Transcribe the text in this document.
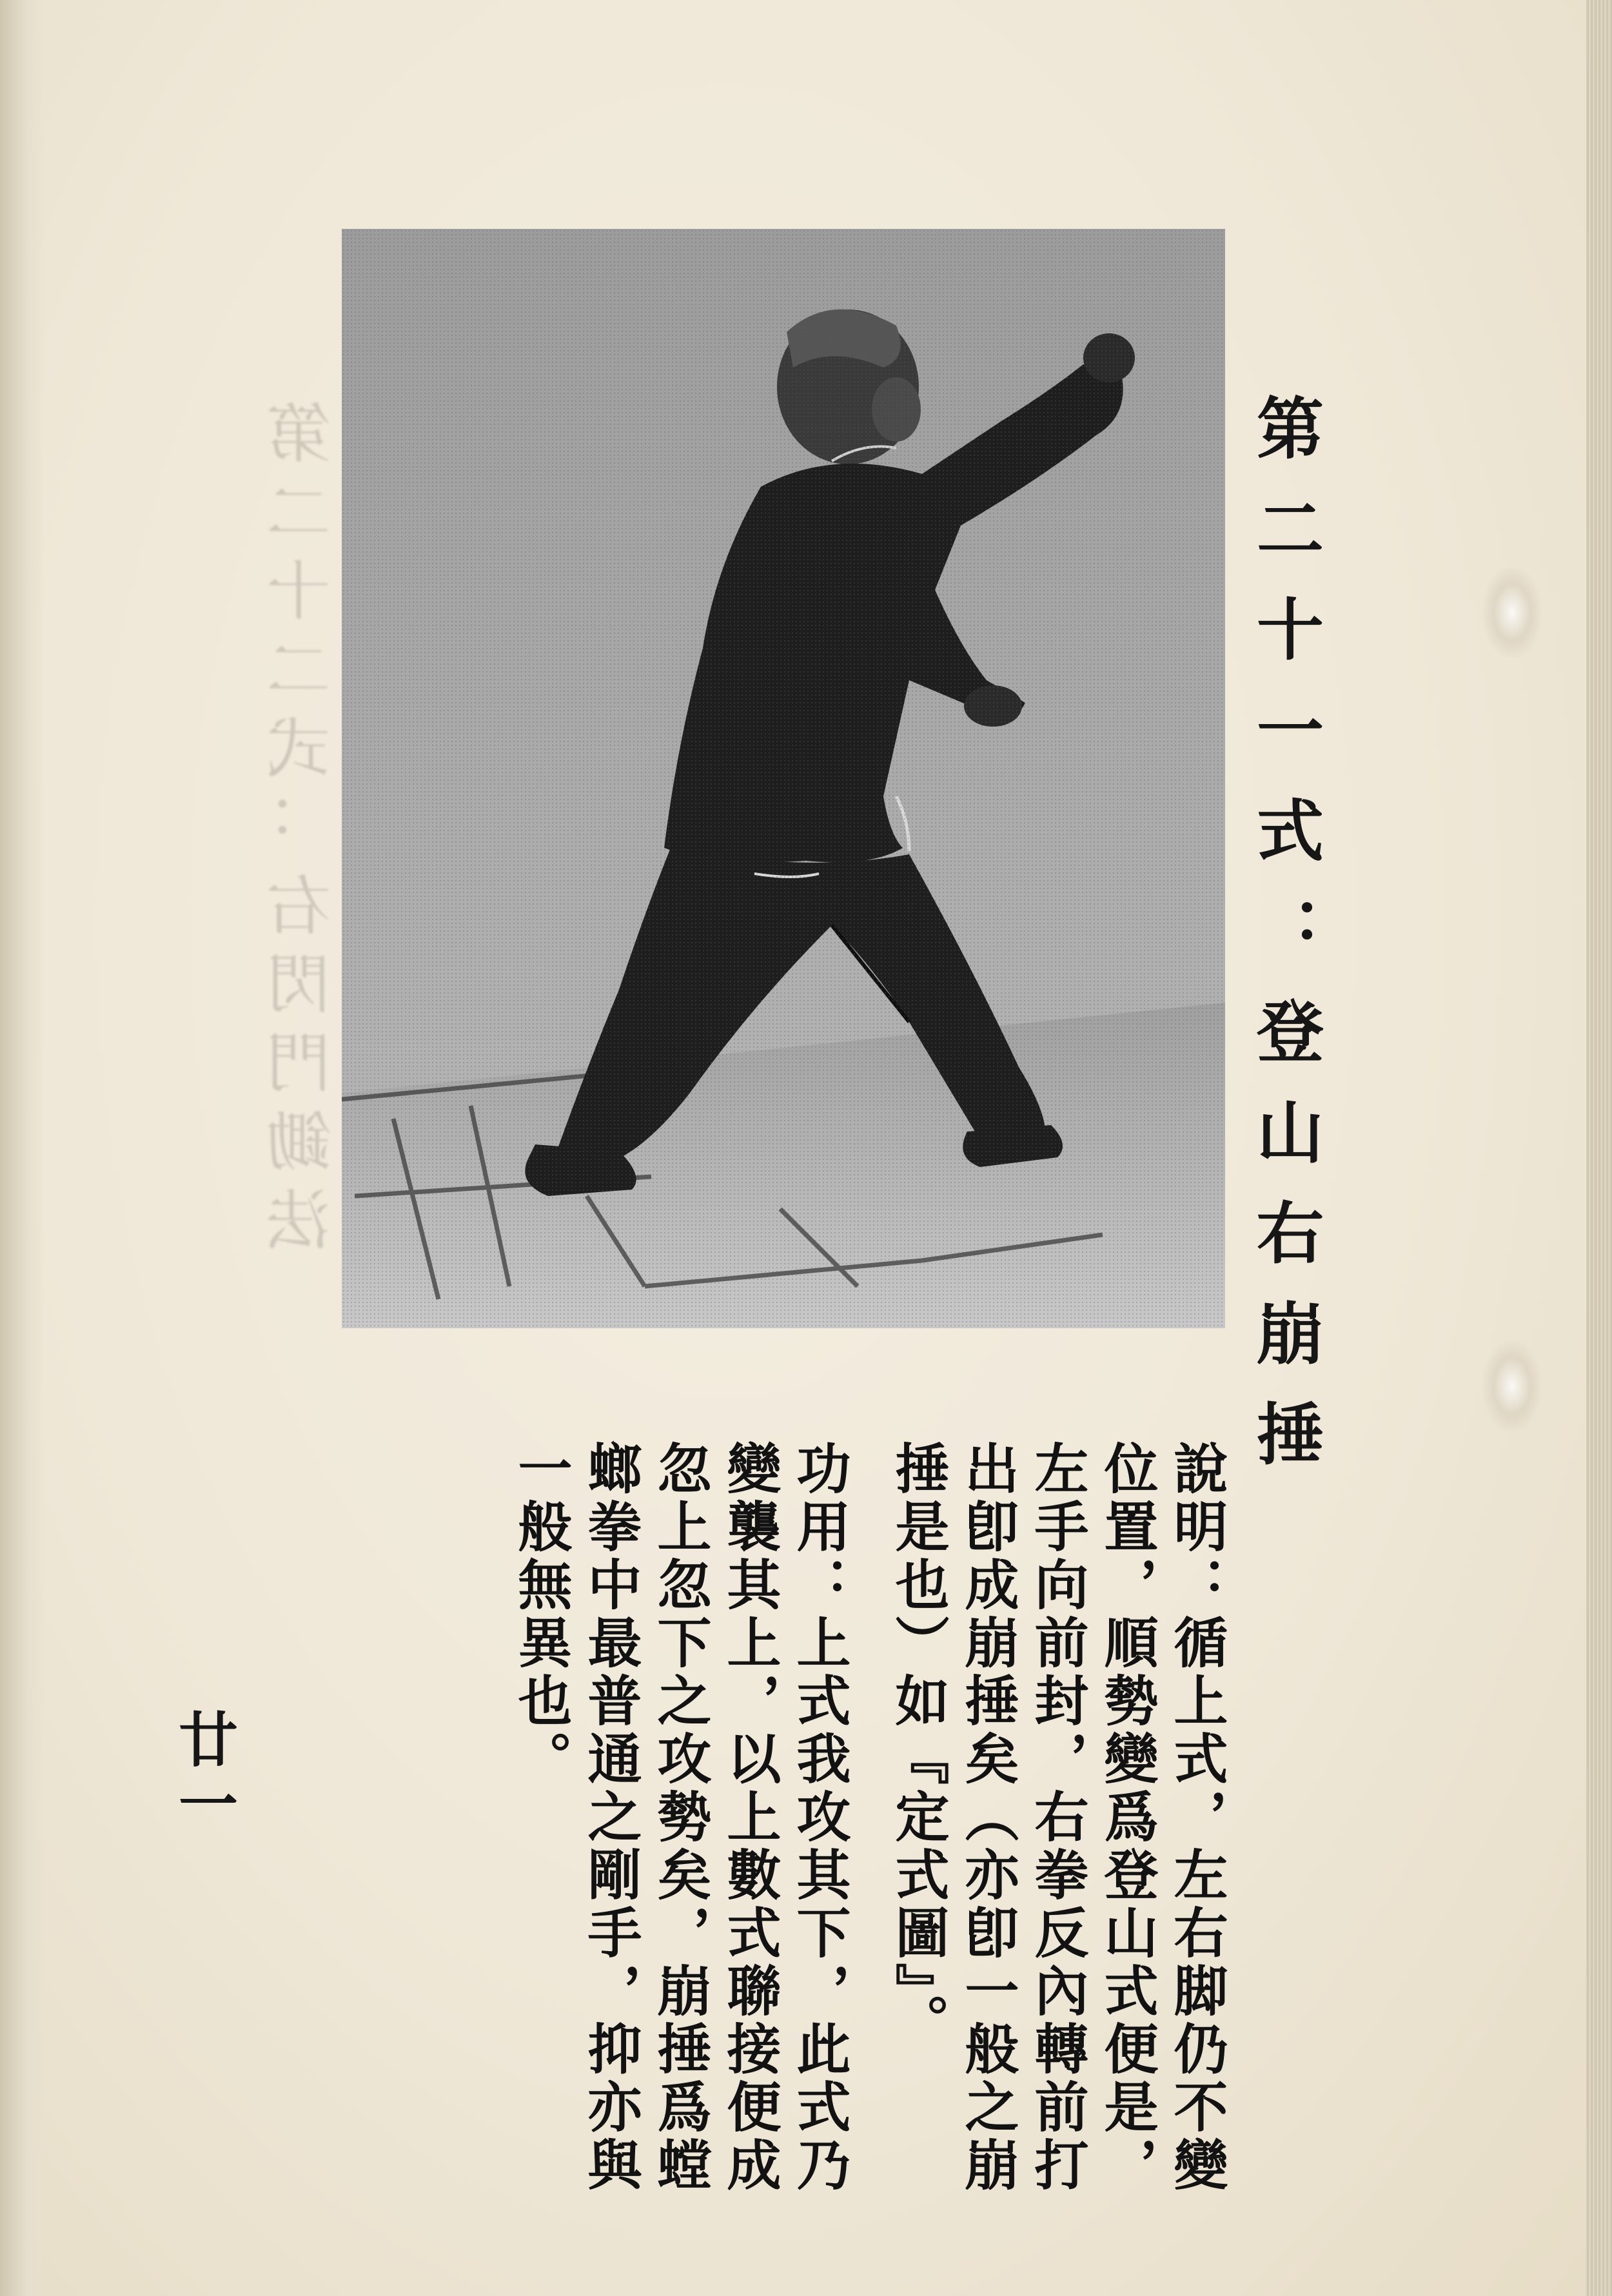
第二十二式：右閃門鋤法	第二十一式：登山右崩捶
說明：循上式，左右脚仍不變位置，順勢變爲登山式便是，左手向前封，右拳反內轉前打出卽成崩捶矣（亦卽一般之崩捶是也）如『定式圖』。
功用：上式我攻其下，此式乃變襲其上，以上數式聯接便成忽上忽下之攻勢矣，崩捶爲螳螂拳中最普通之剛手，抑亦與一般無異也。
廿一
